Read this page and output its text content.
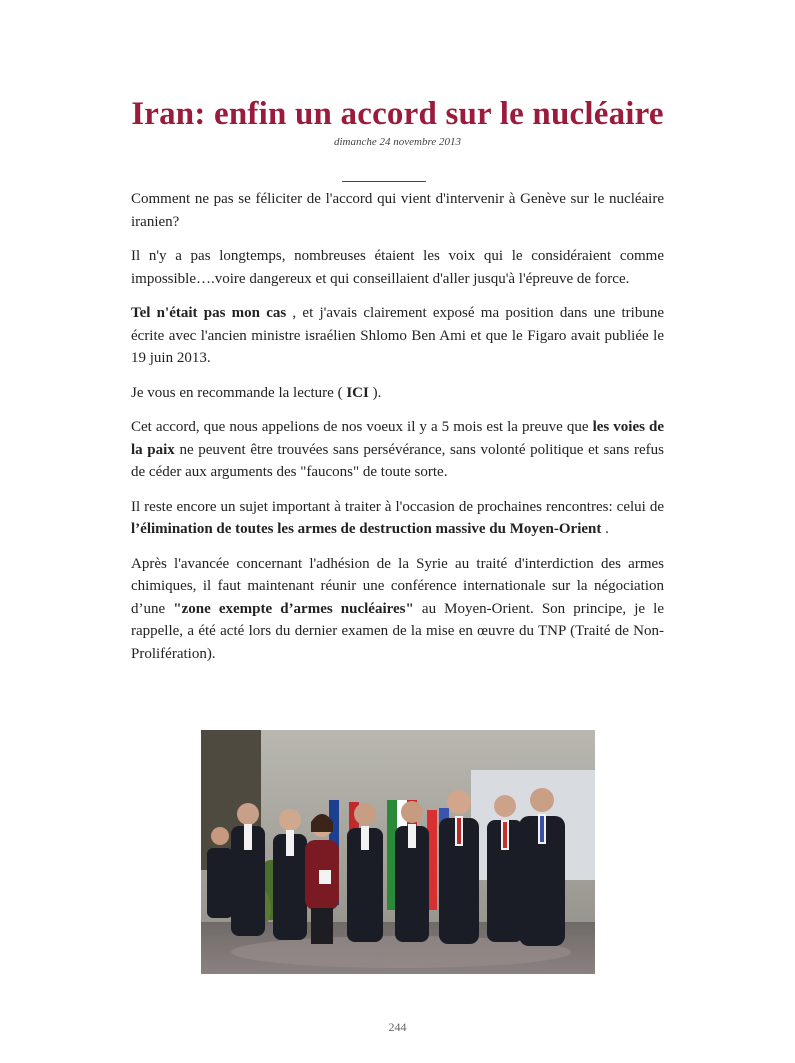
Iran: enfin un accord sur le nucléaire
dimanche 24 novembre 2013

Comment ne pas se féliciter de l'accord qui vient d'intervenir à Genève sur le nucléaire iranien?

Il n'y a pas longtemps, nombreuses étaient les voix qui le considéraient comme impossible….voire dangereux et qui conseillaient d'aller jusqu'à l'épreuve de force.

Tel n'était pas mon cas , et j'avais clairement exposé ma position dans une tribune écrite avec l'ancien ministre israélien Shlomo Ben Ami et que le Figaro avait publiée le 19 juin 2013.

Je vous en recommande la lecture ( ICI ).

Cet accord, que nous appelions de nos voeux il y a 5 mois est la preuve que les voies de la paix ne peuvent être trouvées sans persévérance, sans volonté politique et sans refus de céder aux arguments des "faucons" de toute sorte.

Il reste encore un sujet important à traiter à l'occasion de prochaines rencontres: celui de l’élimination de toutes les armes de destruction massive du Moyen-Orient .

Après l'avancée concernant l'adhésion de la Syrie au traité d'interdiction des armes chimiques, il faut maintenant réunir une conférence internationale sur la négociation d’une "zone exempte d’armes nucléaires" au Moyen-Orient. Son principe, je le rappelle, a été acté lors du dernier examen de la mise en œuvre du TNP (Traité de Non-Prolifération).

244
